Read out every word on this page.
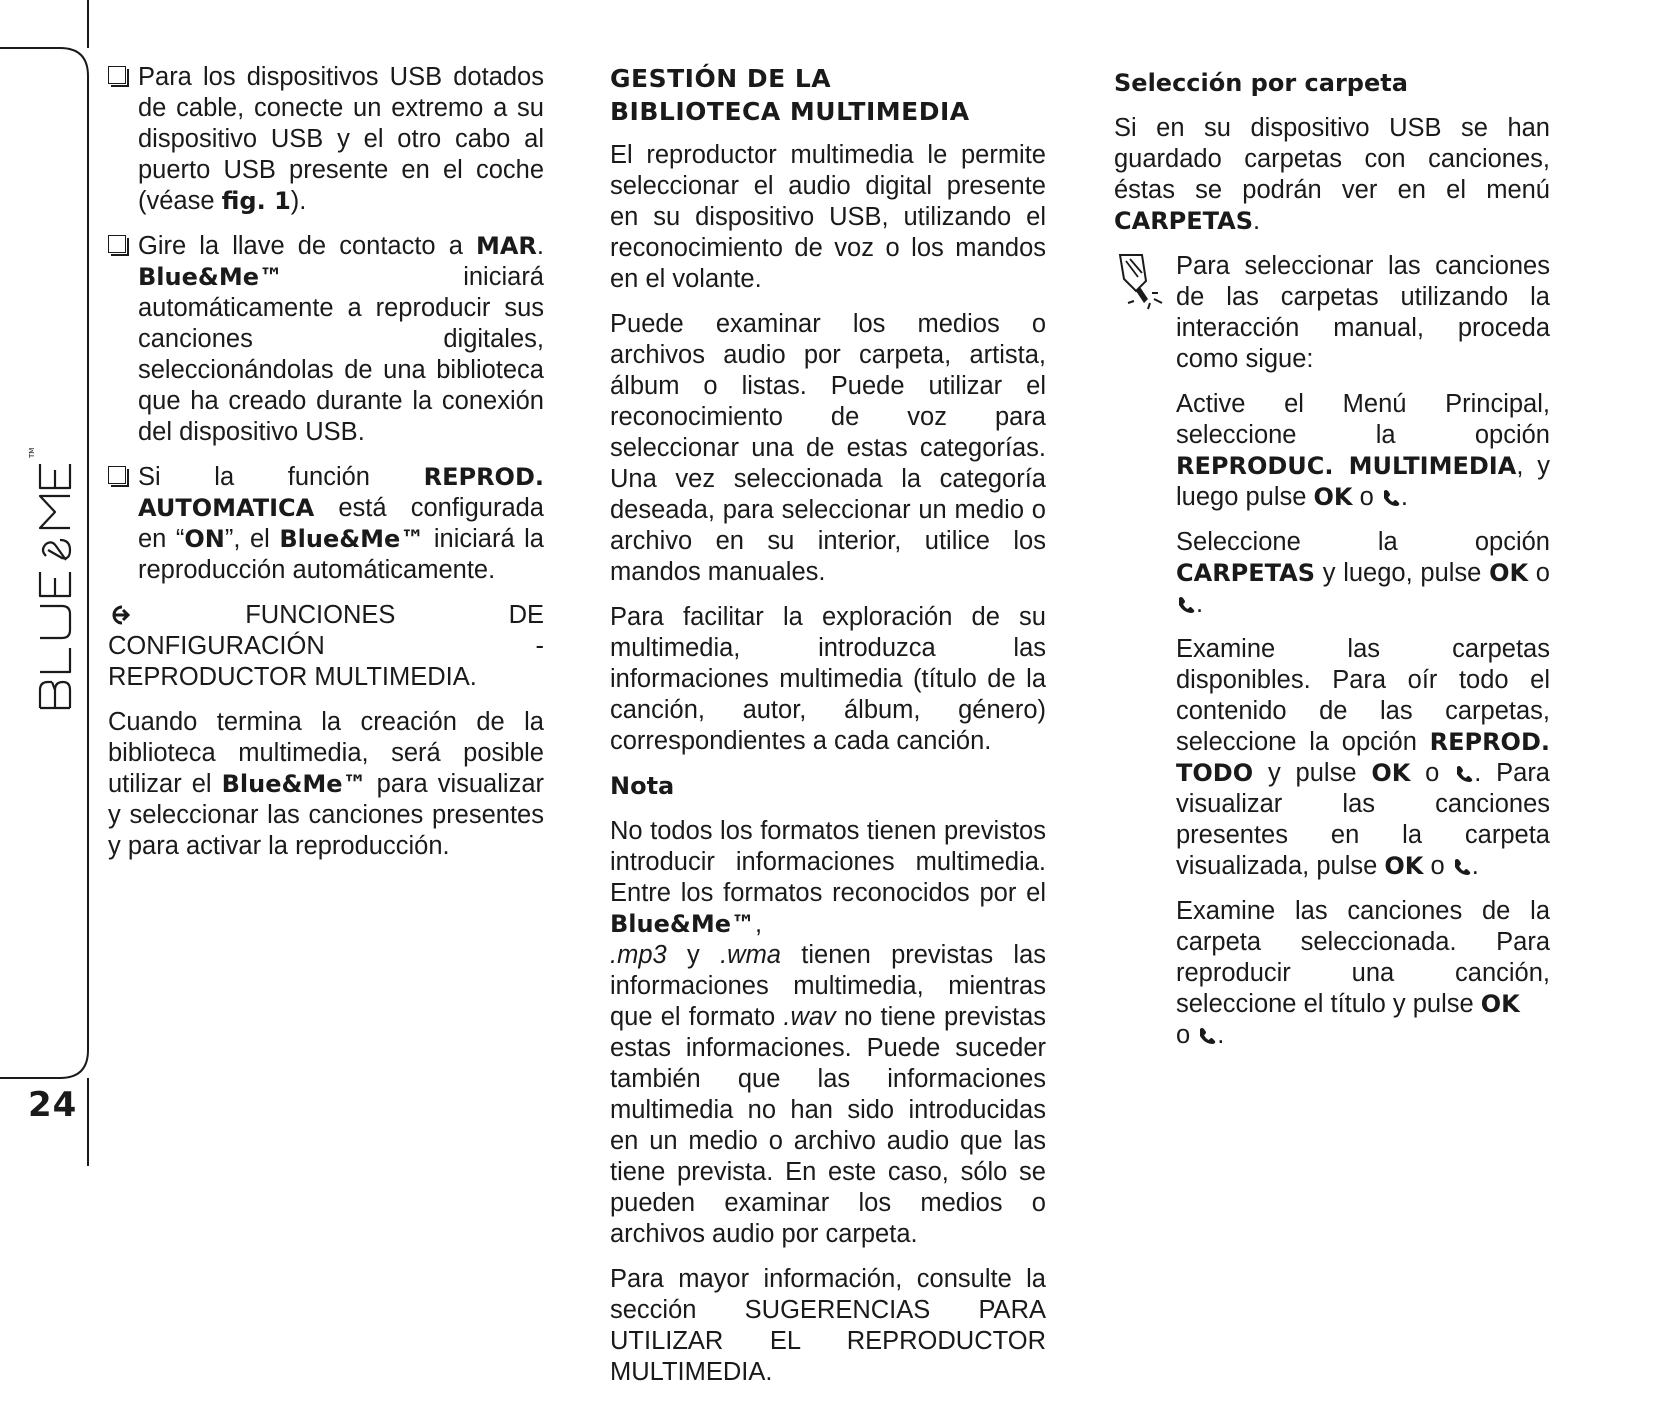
TM
24

Para los dispositivos USB dotados de cable, conecte un extremo a su dispositivo USB y el otro cabo al puerto USB presente en el coche (véase fig. 1).

Gire la llave de contacto a MAR. Blue&Me™ iniciará automáticamente a reproducir sus canciones digitales, seleccionándolas de una biblioteca que ha creado durante la conexión del dispositivo USB.

Si la función REPROD. AUTOMATICA está configurada en “ON”, el Blue&Me™ iniciará la reproducción automáticamente.

FUNCIONES DE CONFIGURACIÓN - REPRODUCTOR MULTIMEDIA.

Cuando termina la creación de la biblioteca multimedia, será posible utilizar el Blue&Me™ para visualizar y seleccionar las canciones presentes y para activar la reproducción.

GESTIÓN DE LA
BIBLIOTECA MULTIMEDIA

El reproductor multimedia le permite seleccionar el audio digital presente en su dispositivo USB, utilizando el reconocimiento de voz o los mandos en el volante.

Puede examinar los medios o archivos audio por carpeta, artista, álbum o listas. Puede utilizar el reconocimiento de voz para seleccionar una de estas categorías. Una vez seleccionada la categoría deseada, para seleccionar un medio o archivo en su interior, utilice los mandos manuales.

Para facilitar la exploración de su multimedia, introduzca las informaciones multimedia (título de la canción, autor, álbum, género) correspondientes a cada canción.

Nota

No todos los formatos tienen previstos introducir informaciones multimedia. Entre los formatos reconocidos por el Blue&Me™,
.mp3 y .wma tienen previstas las informaciones multimedia, mientras que el formato .wav no tiene previstas estas informaciones. Puede suceder también que las informaciones multimedia no han sido introducidas en un medio o archivo audio que las tiene prevista. En este caso, sólo se pueden examinar los medios o archivos audio por carpeta.

Para mayor información, consulte la sección SUGERENCIAS PARA UTILIZAR EL REPRODUCTOR MULTIMEDIA.

Selección por carpeta

Si en su dispositivo USB se han guardado carpetas con canciones, éstas se podrán ver en el menú CARPETAS.

Para seleccionar las canciones de las carpetas utilizando la interacción manual, proceda como sigue:

Active el Menú Principal, seleccione la opción REPRODUC. MULTIMEDIA, y luego pulse OK o .

Seleccione la opción CARPETAS y luego, pulse OK o .

Examine las carpetas disponibles. Para oír todo el contenido de las carpetas, seleccione la opción REPROD. TODO y pulse OK o . Para visualizar las canciones presentes en la carpeta visualizada, pulse OK o .

Examine las canciones de la carpeta seleccionada. Para reproducir una canción, seleccione el título y pulse OK
o .
